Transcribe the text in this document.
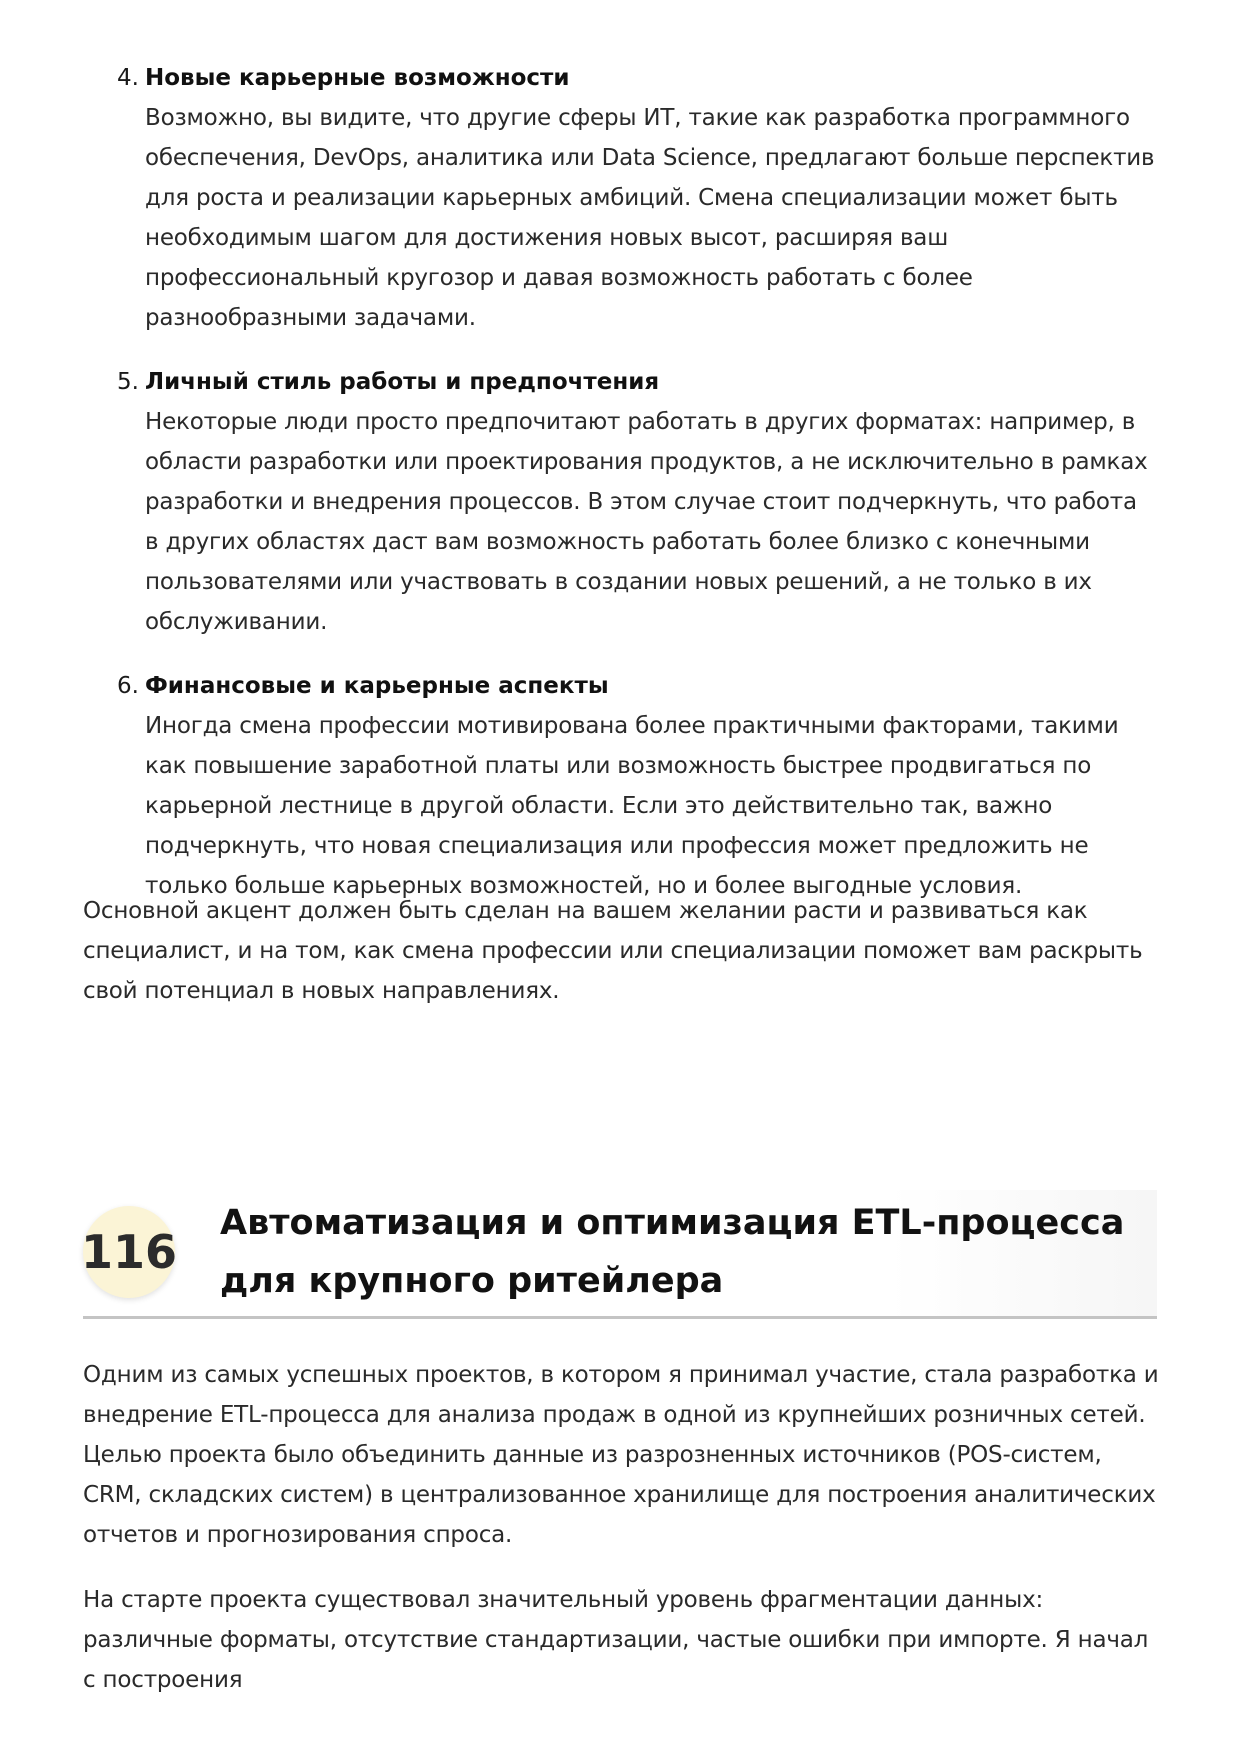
4. Новые карьерные возможности

Возможно, вы видите, что другие сферы ИТ, такие как разработка программного обеспечения, DevOps, аналитика или Data Science, предлагают больше перспектив для роста и реализации карьерных амбиций. Смена специализации может быть необходимым шагом для достижения новых высот, расширяя ваш профессиональный кругозор и давая возможность работать с более разнообразными задачами.

5. Личный стиль работы и предпочтения

Некоторые люди просто предпочитают работать в других форматах: например, в области разработки или проектирования продуктов, а не исключительно в рамках разработки и внедрения процессов. В этом случае стоит подчеркнуть, что работа в других областях даст вам возможность работать более близко с конечными пользователями или участвовать в создании новых решений, а не только в их обслуживании.

6. Финансовые и карьерные аспекты

Иногда смена профессии мотивирована более практичными факторами, такими как повышение заработной платы или возможность быстрее продвигаться по карьерной лестнице в другой области. Если это действительно так, важно подчеркнуть, что новая специализация или профессия может предложить не только больше карьерных возможностей, но и более выгодные условия.

Основной акцент должен быть сделан на вашем желании расти и развиваться как специалист, и на том, как смена профессии или специализации поможет вам раскрыть свой потенциал в новых направлениях.

116
Автоматизация и оптимизация ETL-процесса для крупного ритейлера

Одним из самых успешных проектов, в котором я принимал участие, стала разработка и внедрение ETL-процесса для анализа продаж в одной из крупнейших розничных сетей. Целью проекта было объединить данные из разрозненных источников (POS-систем, CRM, складских систем) в централизованное хранилище для построения аналитических отчетов и прогнозирования спроса.

На старте проекта существовал значительный уровень фрагментации данных: различные форматы, отсутствие стандартизации, частые ошибки при импорте. Я начал с построения
